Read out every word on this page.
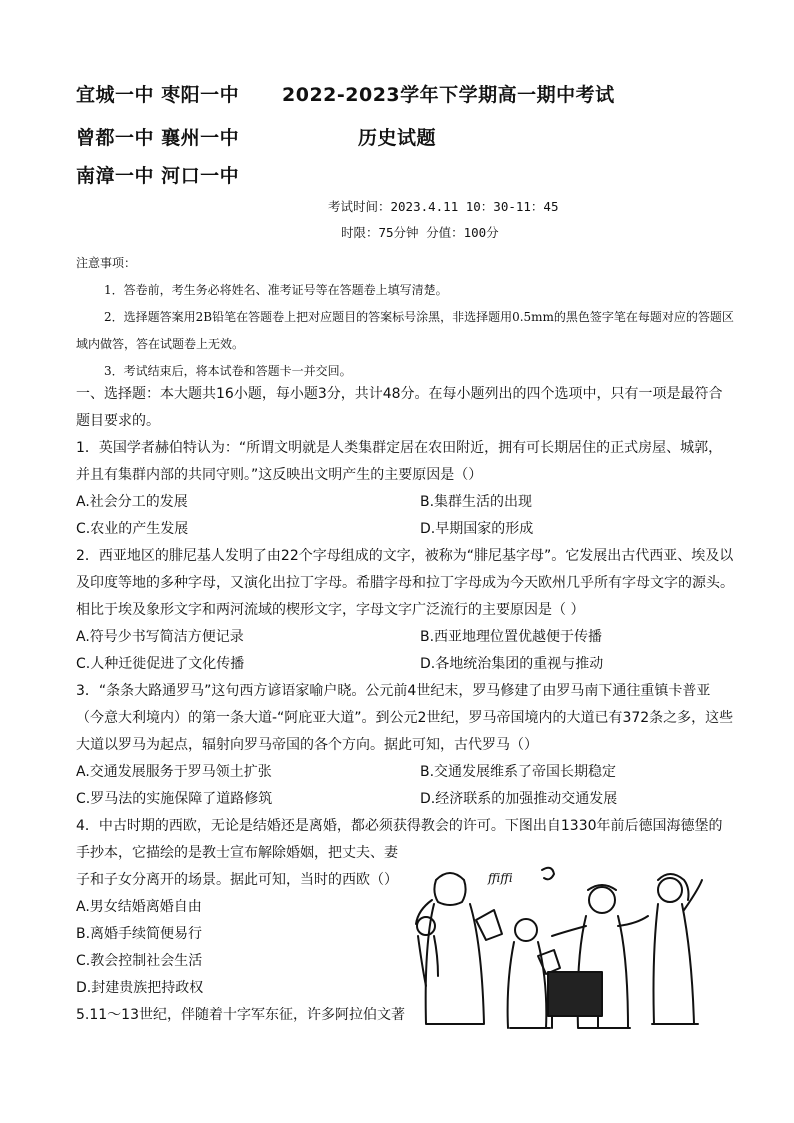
宜城一中 枣阳一中 2022-2023学年下学期高一期中考试
曾都一中 襄州一中	历史试题
南漳一中 河口一中
考试时间：2023.4.11 10：30-11：45
时限：75分钟 分值：100分

注意事项：

1．答卷前，考生务必将姓名、准考证号等在答题卷上填写清楚。

2．选择题答案用2B铅笔在答题卷上把对应题目的答案标号涂黑，非选择题用0.5mm的黑色签字笔在每题对应的答题区域内做答，答在试题卷上无效。

3．考试结束后，将本试卷和答题卡一并交回。

一、选择题：本大题共16小题，每小题3分，共计48分。在每小题列出的四个选项中，只有一项是最符合题目要求的。

1．英国学者赫伯特认为：“所谓文明就是人类集群定居在农田附近，拥有可长期居住的正式房屋、城郭，并且有集群内部的共同守则。”这反映出文明产生的主要原因是（）

A.社会分工的发展	B.集群生活的出现
C.农业的产生发展	D.早期国家的形成

2．西亚地区的腓尼基人发明了由22个字母组成的文字，被称为“腓尼基字母”。它发展出古代西亚、埃及以及印度等地的多种字母，又演化出拉丁字母。希腊字母和拉丁字母成为今天欧州几乎所有字母文字的源头。相比于埃及象形文字和两河流域的楔形文字，字母文字广泛流行的主要原因是（ ）

A.符号少书写简洁方便记录	B.西亚地理位置优越便于传播
C.人种迁徙促进了文化传播	D.各地统治集团的重视与推动

3．“条条大路通罗马”这句西方谚语家喻户晓。公元前4世纪末，罗马修建了由罗马南下通往重镇卡普亚（今意大利境内）的第一条大道-“阿庇亚大道”。到公元2世纪，罗马帝国境内的大道已有372条之多，这些大道以罗马为起点，辐射向罗马帝国的各个方向。据此可知，古代罗马（）

A.交通发展服务于罗马领土扩张	B.交通发展维系了帝国长期稳定
C.罗马法的实施保障了道路修筑	D.经济联系的加强推动交通发展
4．中古时期的西欧，无论是结婚还是离婚，都必须获得教会的许可。下图出自1330年前后德国海德堡的
手抄本，它描绘的是教士宣布解除婚姻，把丈夫、妻
子和子女分离开的场景。据此可知，当时的西欧（）
A.男女结婚离婚自由
B.离婚手续简便易行
C.教会控制社会生活
D.封建贵族把持政权
5.11～13世纪，伴随着十字军东征，许多阿拉伯文著
ffiffi
